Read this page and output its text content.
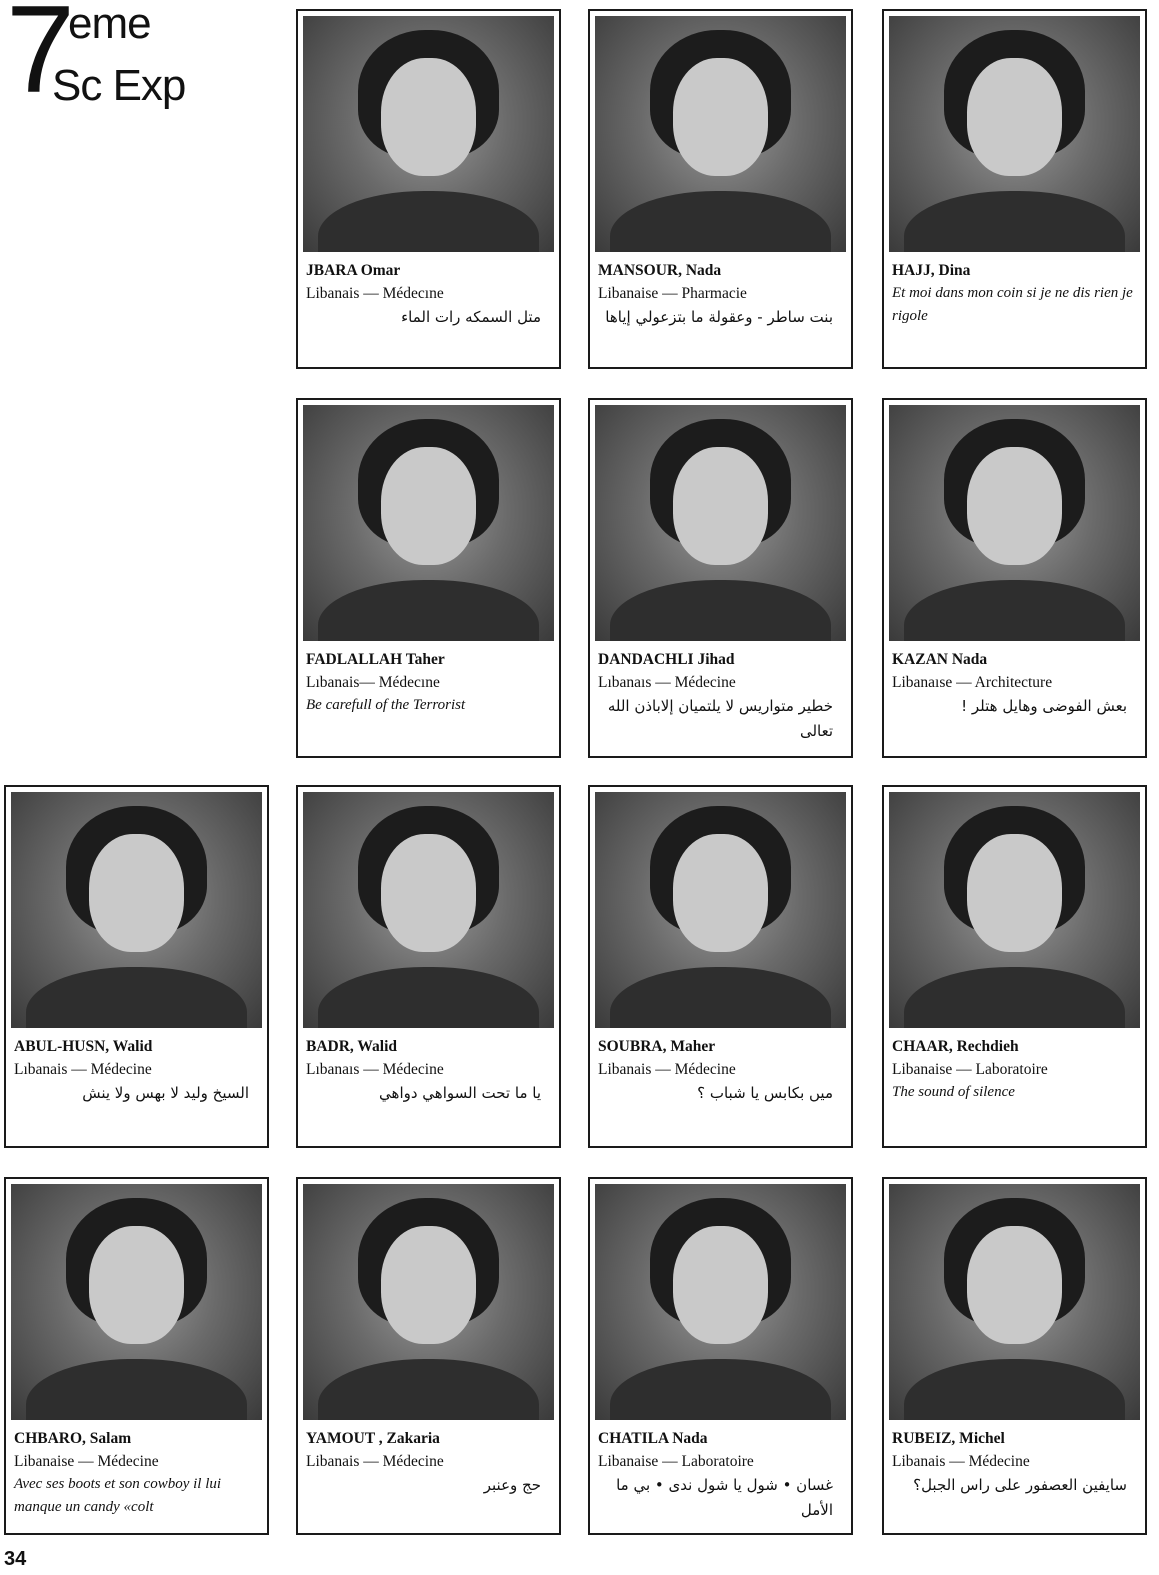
7
eme
Sc Exp
JBARA Omar
Libanais — Médecıne
متل السمكه رات الماء
MANSOUR, Nada
Libanaise — Pharmacie
بنت ساطر - وعقولة ما بتزعولي إياها
HAJJ, Dina
Et moi dans mon coin si je ne dis rien je rigole
FADLALLAH Taher
Lıbanais— Médecıne
Be carefull of the Terrorist
DANDACHLI Jihad
Lıbanaıs — Médecine
خطير متواريس لا يلتميان إلاباذن الله تعالى
KAZAN Nada
Libanaıse — Architecture
بعش الفوضى وهايل هتلر !
ABUL-HUSN, Walid
Lıbanais — Médecine
السيخ وليد لا بهس ولا ينش
BADR, Walid
Lıbanaıs — Médecine
يا ما تحت السواهي دواهي
SOUBRA, Maher
Libanais — Médecine
ميں بكابس يا شباب ؟
CHAAR, Rechdieh
Libanaise — Laboratoire
The sound of silence
CHBARO, Salam
Libanaise — Médecine
Avec ses boots et son cowboy il lui manque un candy «colt
YAMOUT , Zakaria
Libanais — Médecine
حج وعنبر
CHATILA Nada
Libanaise — Laboratoire
غسان • شول يا شول ندى • بي ما الأمل
RUBEIZ, Michel
Libanais — Médecine
سايفين العصفور على راس الجبل؟
34
